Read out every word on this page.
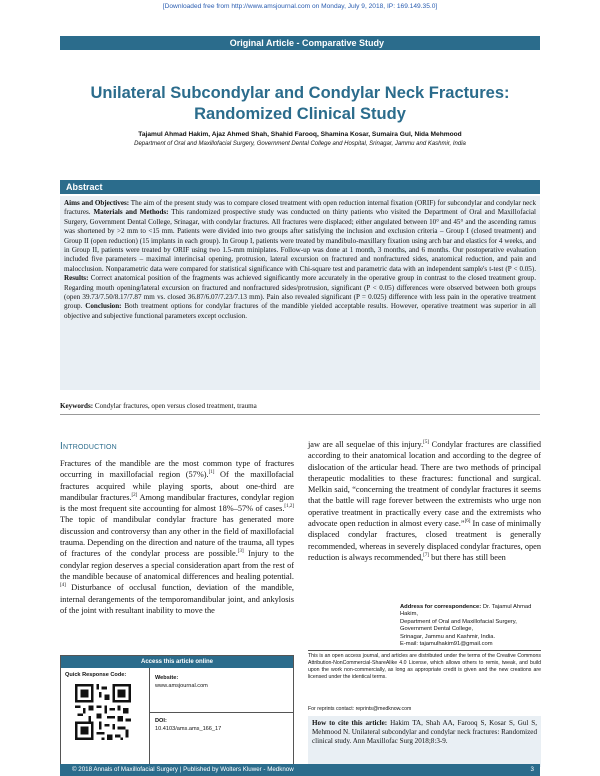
[Downloaded free from http://www.amsjournal.com on Monday, July 9, 2018, IP: 169.149.35.0]
Original Article - Comparative Study
Unilateral Subcondylar and Condylar Neck Fractures: Randomized Clinical Study
Tajamul Ahmad Hakim, Ajaz Ahmed Shah, Shahid Farooq, Shamina Kosar, Sumaira Gul, Nida Mehmood
Department of Oral and Maxillofacial Surgery, Government Dental College and Hospital, Srinagar, Jammu and Kashmir, India
Abstract
Aims and Objectives: The aim of the present study was to compare closed treatment with open reduction internal fixation (ORIF) for subcondylar and condylar neck fractures. Materials and Methods: This randomized prospective study was conducted on thirty patients who visited the Department of Oral and Maxillofacial Surgery, Government Dental College, Srinagar, with condylar fractures. All fractures were displaced; either angulated between 10° and 45° and the ascending ramus was shortened by >2 mm to <15 mm. Patients were divided into two groups after satisfying the inclusion and exclusion criteria – Group I (closed treatment) and Group II (open reduction) (15 implants in each group). In Group I, patients were treated by mandibulo-maxillary fixation using arch bar and elastics for 4 weeks, and in Group II, patients were treated by ORIF using two 1.5-mm miniplates. Follow-up was done at 1 month, 3 months, and 6 months. Our postoperative evaluation included five parameters – maximal interincisal opening, protrusion, lateral excursion on fractured and nonfractured sides, anatomical reduction, and pain and malocclusion. Nonparametric data were compared for statistical significance with Chi-square test and parametric data with an independent sample's t-test (P < 0.05). Results: Correct anatomical position of the fragments was achieved significantly more accurately in the operative group in contrast to the closed treatment group. Regarding mouth opening/lateral excursion on fractured and nonfractured sides/protrusion, significant (P < 0.05) differences were observed between both groups (open 39.73/7.50/8.17/7.87 mm vs. closed 36.87/6.07/7.23/7.13 mm). Pain also revealed significant (P = 0.025) difference with less pain in the operative treatment group. Conclusion: Both treatment options for condylar fractures of the mandible yielded acceptable results. However, operative treatment was superior in all objective and subjective functional parameters except occlusion.
Keywords: Condylar fractures, open versus closed treatment, trauma
Introduction
Fractures of the mandible are the most common type of fractures occurring in maxillofacial region (57%).[1] Of the maxillofacial fractures acquired while playing sports, about one-third are mandibular fractures.[2] Among mandibular fractures, condylar region is the most frequent site accounting for almost 18%–57% of cases.[1,2] The topic of mandibular condylar fracture has generated more discussion and controversy than any other in the field of maxillofacial trauma. Depending on the direction and nature of the trauma, all types of fractures of the condylar process are possible.[3] Injury to the condylar region deserves a special consideration apart from the rest of the mandible because of anatomical differences and healing potential.[4] Disturbance of occlusal function, deviation of the mandible, internal derangements of the temporomandibular joint, and ankylosis of the joint with resultant inability to move the
jaw are all sequelae of this injury.[5] Condylar fractures are classified according to their anatomical location and according to the degree of dislocation of the articular head. There are two methods of principal therapeutic modalities to these fractures: functional and surgical. Melkin said, “concerning the treatment of condylar fractures it seems that the battle will rage forever between the extremists who urge non operative treatment in practically every case and the extremists who advocate open reduction in almost every case.”[6] In case of minimally displaced condylar fractures, closed treatment is generally recommended, whereas in severely displaced condylar fractures, open reduction is always recommended,[7] but there has still been
Access this article online
Quick Response Code:	Website:
www.amsjournal.com
DOI:
10.4103/ams.ams_166_17
Address for correspondence: Dr. Tajamul Ahmad Hakim,
Department of Oral and Maxillofacial Surgery, Government Dental College,
Srinagar, Jammu and Kashmir, India.
E-mail: tajamulhakim91@gmail.com
This is an open access journal, and articles are distributed under the terms of the Creative Commons Attribution-NonCommercial-ShareAlike 4.0 License, which allows others to remix, tweak, and build upon the work non-commercially, as long as appropriate credit is given and the new creations are licensed under the identical terms.
For reprints contact: reprints@medknow.com
How to cite this article: Hakim TA, Shah AA, Farooq S, Kosar S, Gul S, Mehmood N. Unilateral subcondylar and condylar neck fractures: Randomized clinical study. Ann Maxillofac Surg 2018;8:3-9.
© 2018 Annals of Maxillofacial Surgery | Published by Wolters Kluwer - Medknow	3
